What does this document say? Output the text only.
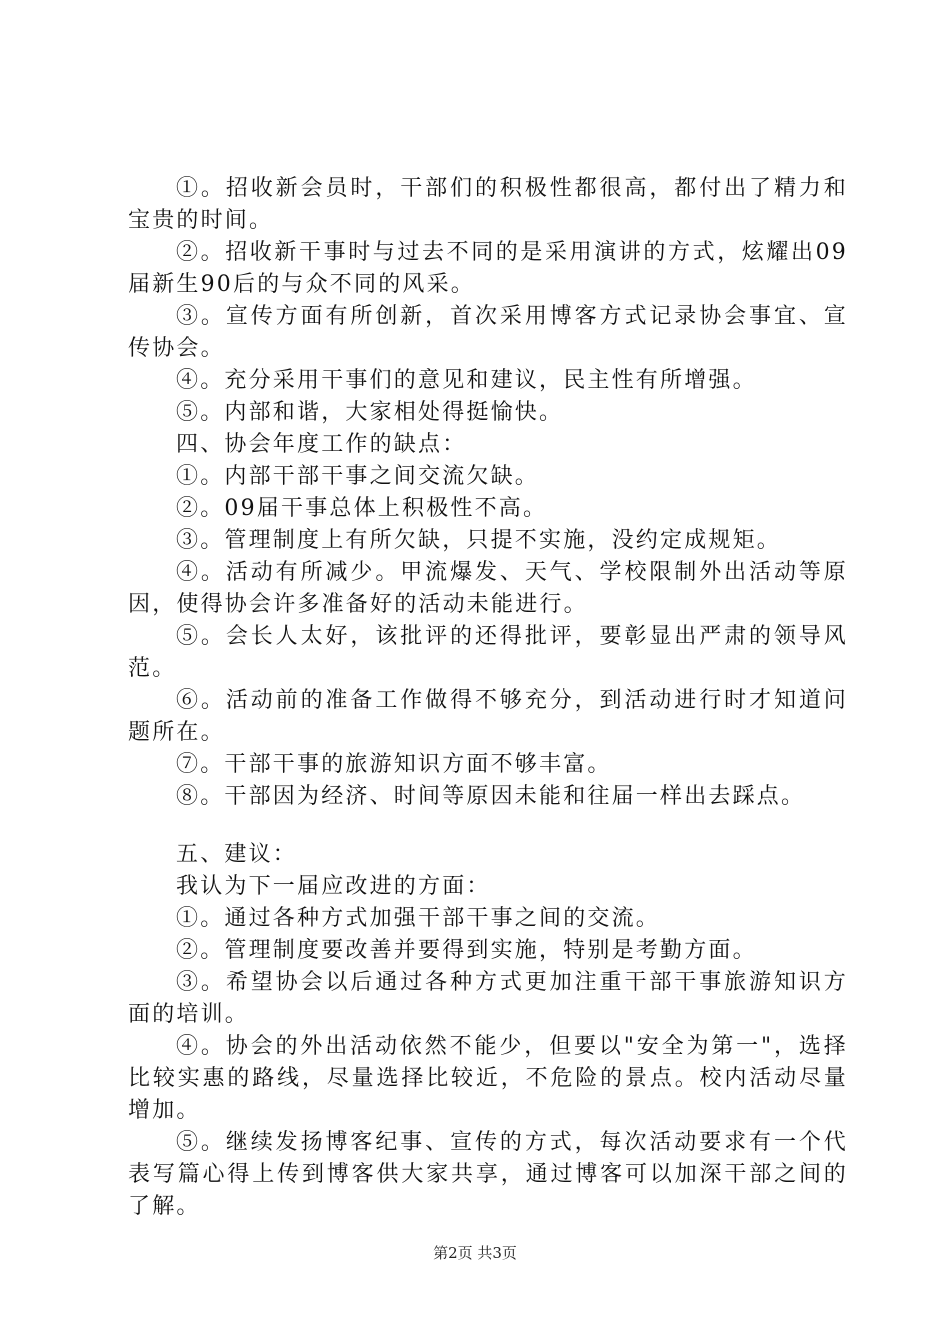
①。招收新会员时，干部们的积极性都很高，都付出了精力和宝贵的时间。

②。招收新干事时与过去不同的是采用演讲的方式，炫耀出09届新生90后的与众不同的风采。

③。宣传方面有所创新，首次采用博客方式记录协会事宜、宣传协会。

④。充分采用干事们的意见和建议，民主性有所增强。

⑤。内部和谐，大家相处得挺愉快。

四、协会年度工作的缺点：

①。内部干部干事之间交流欠缺。

②。09届干事总体上积极性不高。

③。管理制度上有所欠缺，只提不实施，没约定成规矩。

④。活动有所减少。甲流爆发、天气、学校限制外出活动等原因，使得协会许多准备好的活动未能进行。

⑤。会长人太好，该批评的还得批评，要彰显出严肃的领导风范。

⑥。活动前的准备工作做得不够充分，到活动进行时才知道问题所在。

⑦。干部干事的旅游知识方面不够丰富。

⑧。干部因为经济、时间等原因未能和往届一样出去踩点。

五、建议：

我认为下一届应改进的方面：

①。通过各种方式加强干部干事之间的交流。

②。管理制度要改善并要得到实施，特别是考勤方面。

③。希望协会以后通过各种方式更加注重干部干事旅游知识方面的培训。

④。协会的外出活动依然不能少，但要以"安全为第一"，选择比较实惠的路线，尽量选择比较近，不危险的景点。校内活动尽量增加。

⑤。继续发扬博客纪事、宣传的方式，每次活动要求有一个代表写篇心得上传到博客供大家共享，通过博客可以加深干部之间的了解。

第2页 共3页
